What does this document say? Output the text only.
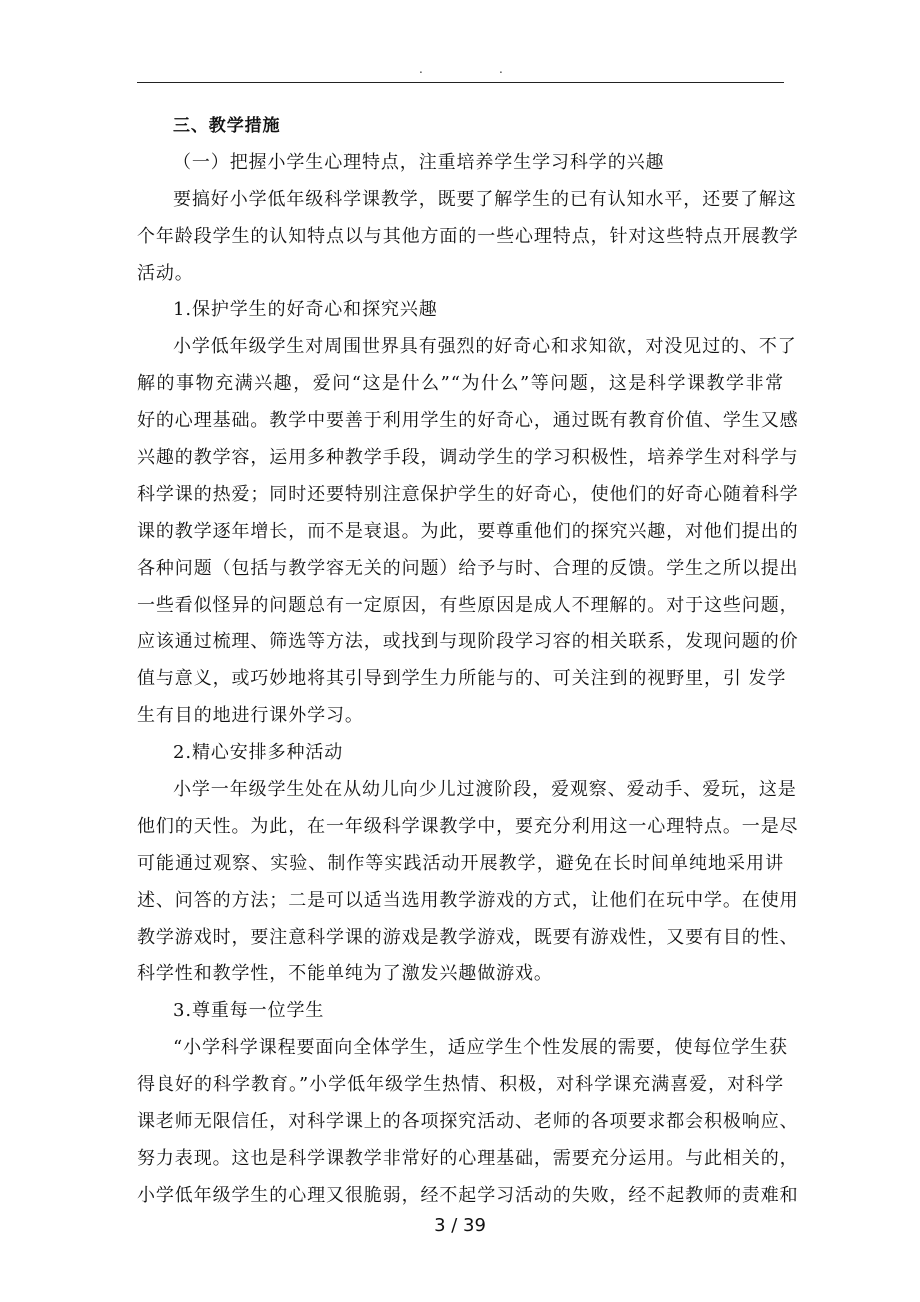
.	.
三、教学措施
（一）把握小学生心理特点，注重培养学生学习科学的兴趣
要搞好小学低年级科学课教学，既要了解学生的已有认知水平，还要了解这
个年龄段学生的认知特点以与其他方面的一些心理特点，针对这些特点开展教学
活动。
1.保护学生的好奇心和探究兴趣
小学低年级学生对周围世界具有强烈的好奇心和求知欲，对没见过的、不了
解的事物充满兴趣，爱问“这是什么”“为什么”等问题，这是科学课教学非常
好的心理基础。教学中要善于利用学生的好奇心，通过既有教育价值、学生又感
兴趣的教学容，运用多种教学手段，调动学生的学习积极性，培养学生对科学与
科学课的热爱；同时还要特别注意保护学生的好奇心，使他们的好奇心随着科学
课的教学逐年增长，而不是衰退。为此，要尊重他们的探究兴趣，对他们提出的
各种问题（包括与教学容无关的问题）给予与时、合理的反馈。学生之所以提出
一些看似怪异的问题总有一定原因，有些原因是成人不理解的。对于这些问题，
应该通过梳理、筛选等方法，或找到与现阶段学习容的相关联系，发现问题的价
值与意义，或巧妙地将其引导到学生力所能与的、可关注到的视野里，引 发学
生有目的地进行课外学习。
2.精心安排多种活动
小学一年级学生处在从幼儿向少儿过渡阶段，爱观察、爱动手、爱玩，这是
他们的天性。为此，在一年级科学课教学中，要充分利用这一心理特点。一是尽
可能通过观察、实验、制作等实践活动开展教学，避免在长时间单纯地采用讲
述、问答的方法；二是可以适当选用教学游戏的方式，让他们在玩中学。在使用
教学游戏时，要注意科学课的游戏是教学游戏，既要有游戏性，又要有目的性、
科学性和教学性，不能单纯为了激发兴趣做游戏。
3.尊重每一位学生
“小学科学课程要面向全体学生，适应学生个性发展的需要，使每位学生获
得良好的科学教育。”小学低年级学生热情、积极，对科学课充满喜爱，对科学
课老师无限信任，对科学课上的各项探究活动、老师的各项要求都会积极响应、
努力表现。这也是科学课教学非常好的心理基础，需要充分运用。与此相关的，
小学低年级学生的心理又很脆弱，经不起学习活动的失败，经不起教师的责难和
3 / 39
